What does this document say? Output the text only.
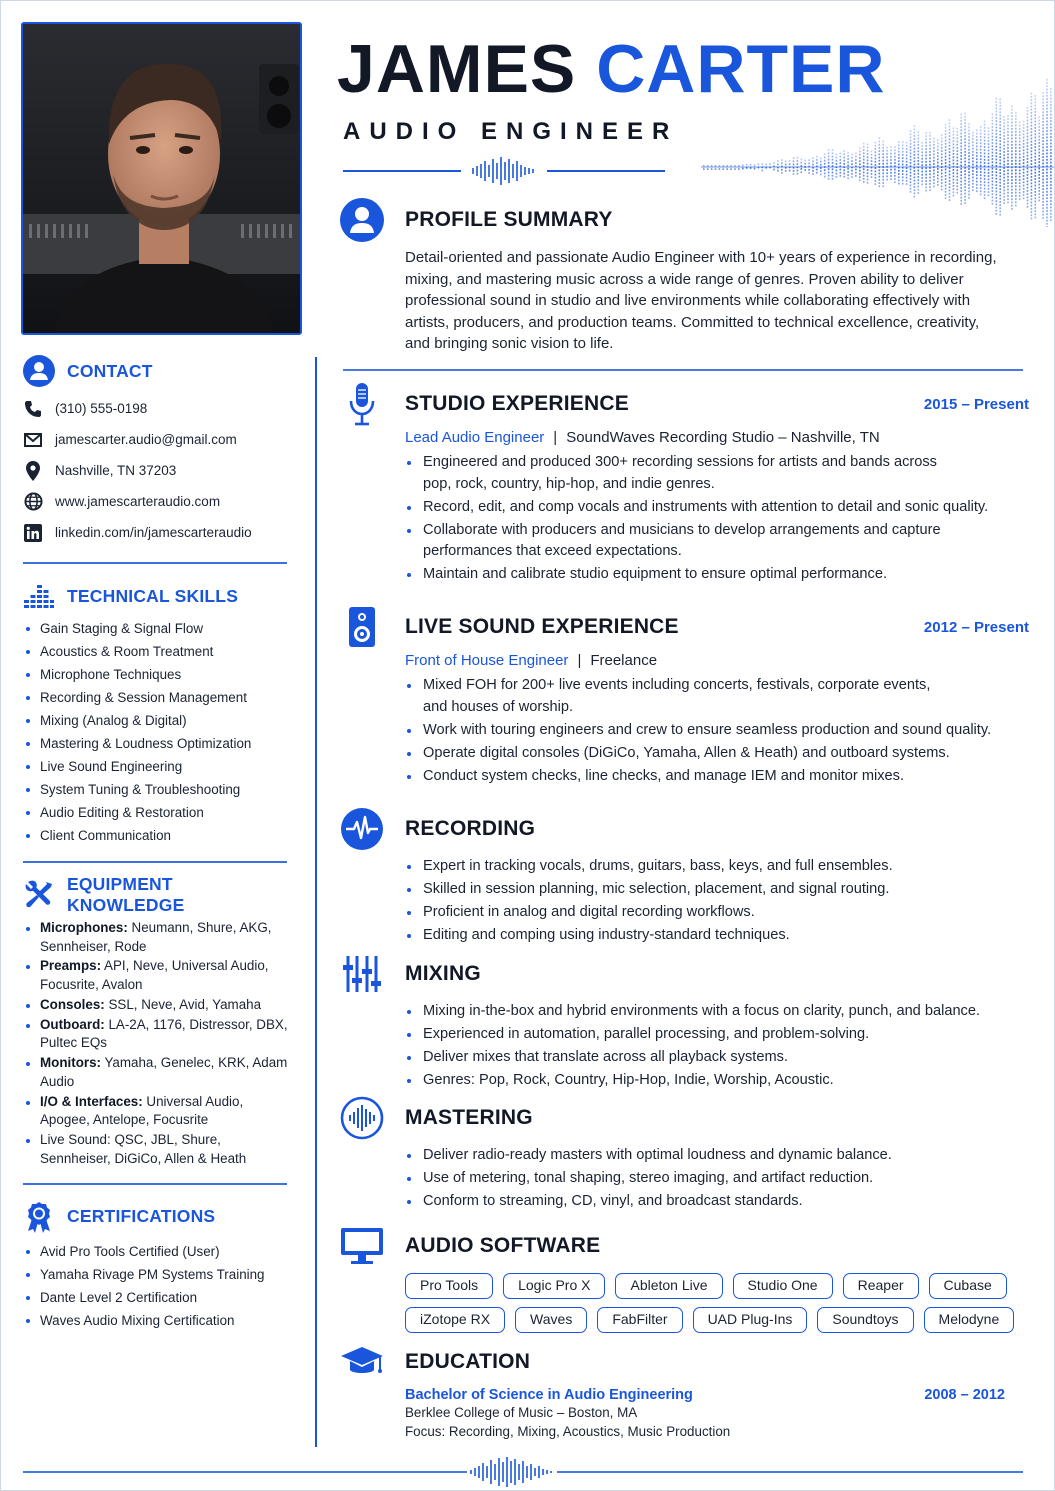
JAMES CARTER
AUDIO ENGINEER
CONTACT
(310) 555-0198
jamescarter.audio@gmail.com
Nashville, TN 37203
www.jamescarteraudio.com
linkedin.com/in/jamescarteraudio
TECHNICAL SKILLS
Gain Staging & Signal Flow
Acoustics & Room Treatment
Microphone Techniques
Recording & Session Management
Mixing (Analog & Digital)
Mastering & Loudness Optimization
Live Sound Engineering
System Tuning & Troubleshooting
Audio Editing & Restoration
Client Communication
EQUIPMENT KNOWLEDGE
Microphones: Neumann, Shure, AKG, Sennheiser, Rode
Preamps: API, Neve, Universal Audio, Focusrite, Avalon
Consoles: SSL, Neve, Avid, Yamaha
Outboard: LA-2A, 1176, Distressor, DBX, Pultec EQs
Monitors: Yamaha, Genelec, KRK, Adam Audio
I/O & Interfaces: Universal Audio, Apogee, Antelope, Focusrite
Live Sound: QSC, JBL, Shure, Sennheiser, DiGiCo, Allen & Heath
CERTIFICATIONS
Avid Pro Tools Certified (User)
Yamaha Rivage PM Systems Training
Dante Level 2 Certification
Waves Audio Mixing Certification
PROFILE SUMMARY
Detail-oriented and passionate Audio Engineer with 10+ years of experience in recording, mixing, and mastering music across a wide range of genres. Proven ability to deliver professional sound in studio and live environments while collaborating effectively with artists, producers, and production teams. Committed to technical excellence, creativity, and bringing sonic vision to life.
STUDIO EXPERIENCE	2015 – Present
Lead Audio Engineer | SoundWaves Recording Studio – Nashville, TN
Engineered and produced 300+ recording sessions for artists and bands across pop, rock, country, hip-hop, and indie genres.
Record, edit, and comp vocals and instruments with attention to detail and sonic quality.
Collaborate with producers and musicians to develop arrangements and capture performances that exceed expectations.
Maintain and calibrate studio equipment to ensure optimal performance.
LIVE SOUND EXPERIENCE	2012 – Present
Front of House Engineer | Freelance
Mixed FOH for 200+ live events including concerts, festivals, corporate events, and houses of worship.
Work with touring engineers and crew to ensure seamless production and sound quality.
Operate digital consoles (DiGiCo, Yamaha, Allen & Heath) and outboard systems.
Conduct system checks, line checks, and manage IEM and monitor mixes.
RECORDING
Expert in tracking vocals, drums, guitars, bass, keys, and full ensembles.
Skilled in session planning, mic selection, placement, and signal routing.
Proficient in analog and digital recording workflows.
Editing and comping using industry-standard techniques.
MIXING
Mixing in-the-box and hybrid environments with a focus on clarity, punch, and balance.
Experienced in automation, parallel processing, and problem-solving.
Deliver mixes that translate across all playback systems.
Genres: Pop, Rock, Country, Hip-Hop, Indie, Worship, Acoustic.
MASTERING
Deliver radio-ready masters with optimal loudness and dynamic balance.
Use of metering, tonal shaping, stereo imaging, and artifact reduction.
Conform to streaming, CD, vinyl, and broadcast standards.
AUDIO SOFTWARE
Pro Tools	Logic Pro X	Ableton Live	Studio One	Reaper	Cubase
iZotope RX	Waves	FabFilter	UAD Plug-Ins	Soundtoys	Melodyne
EDUCATION
Bachelor of Science in Audio Engineering	2008 – 2012
Berklee College of Music – Boston, MA
Focus: Recording, Mixing, Acoustics, Music Production
